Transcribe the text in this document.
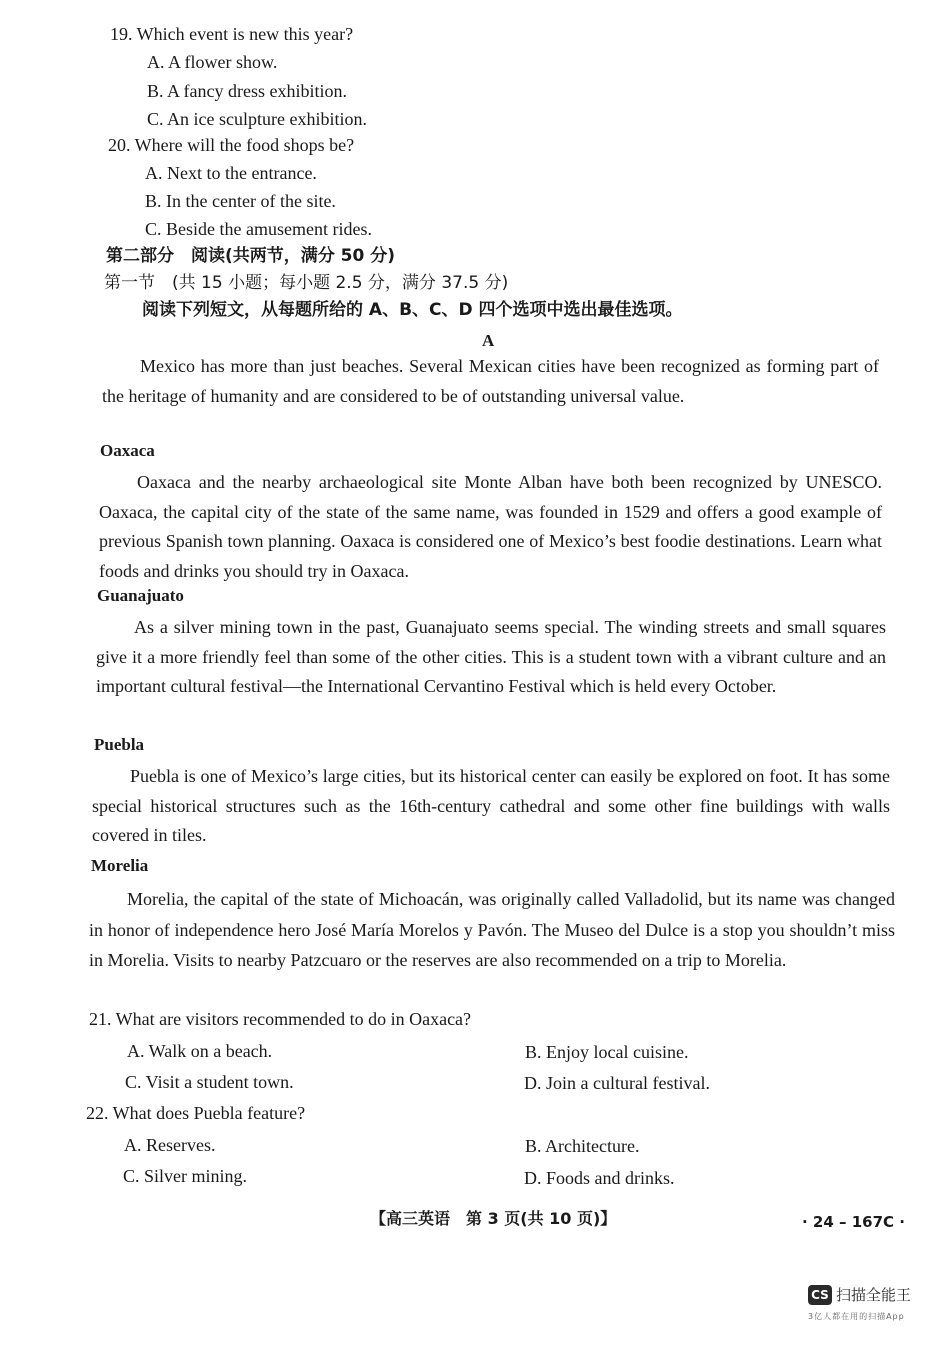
19. Which event is new this year?
A. A flower show.
B. A fancy dress exhibition.
C. An ice sculpture exhibition.
20. Where will the food shops be?
A. Next to the entrance.
B. In the center of the site.
C. Beside the amusement rides.
第二部分　阅读(共两节，满分 50 分)
第一节　(共 15 小题；每小题 2.5 分，满分 37.5 分)
阅读下列短文，从每题所给的 A、B、C、D 四个选项中选出最佳选项。
A
Mexico has more than just beaches. Several Mexican cities have been recognized as forming part of the heritage of humanity and are considered to be of outstanding universal value.
Oaxaca
Oaxaca and the nearby archaeological site Monte Alban have both been recognized by UNESCO. Oaxaca, the capital city of the state of the same name, was founded in 1529 and offers a good example of previous Spanish town planning. Oaxaca is considered one of Mexico’s best foodie destinations. Learn what foods and drinks you should try in Oaxaca.
Guanajuato
As a silver mining town in the past, Guanajuato seems special. The winding streets and small squares give it a more friendly feel than some of the other cities. This is a student town with a vibrant culture and an important cultural festival—the International Cervantino Festival which is held every October.
Puebla
Puebla is one of Mexico’s large cities, but its historical center can easily be explored on foot. It has some special historical structures such as the 16th-century cathedral and some other fine buildings with walls covered in tiles.
Morelia
Morelia, the capital of the state of Michoacán, was originally called Valladolid, but its name was changed in honor of independence hero José María Morelos y Pavón. The Museo del Dulce is a stop you shouldn’t miss in Morelia. Visits to nearby Patzcuaro or the reserves are also recommended on a trip to Morelia.
21. What are visitors recommended to do in Oaxaca?
A. Walk on a beach.	B. Enjoy local cuisine.
C. Visit a student town.	D. Join a cultural festival.
22. What does Puebla feature?
A. Reserves.	B. Architecture.
C. Silver mining.	D. Foods and drinks.
【高三英语　第 3 页(共 10 页)】	· 24 – 167C ·
CS 扫描全能王
3亿人都在用的扫描App
